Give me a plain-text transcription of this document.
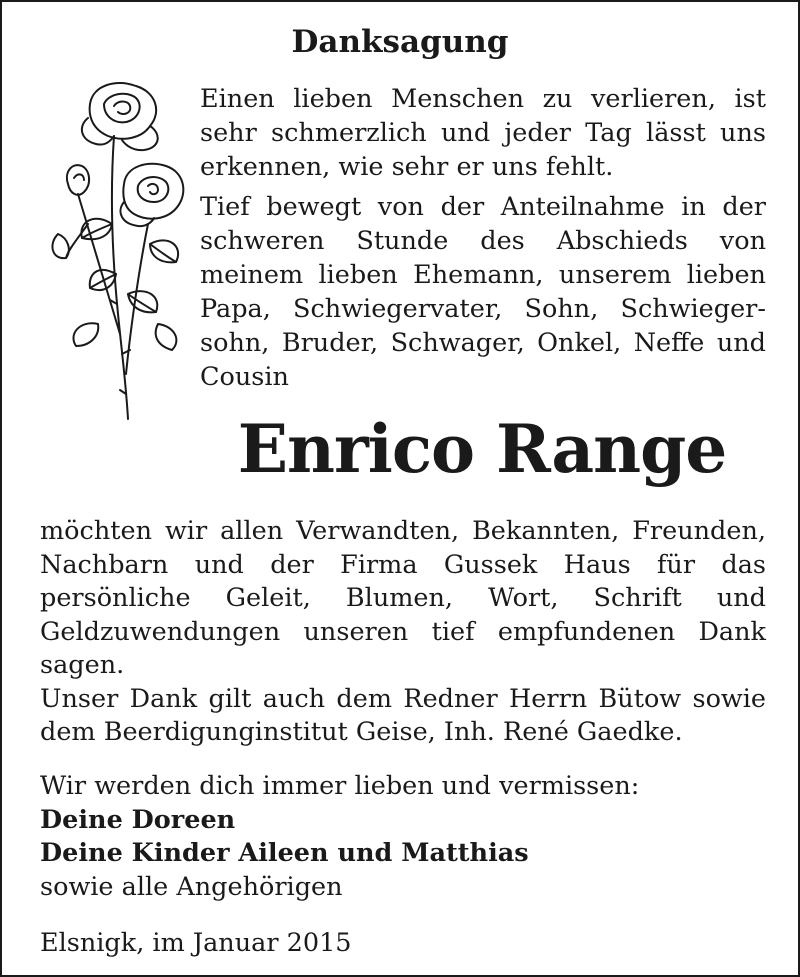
Danksagung

Einen lieben Menschen zu verlieren, ist sehr schmerzlich und jeder Tag lässt uns erkennen, wie sehr er uns fehlt.

Tief bewegt von der Anteilnahme in der schweren Stunde des Abschieds von meinem lieben Ehemann, unserem lieben Papa, Schwiegervater, Sohn, Schwieger-sohn, Bruder, Schwager, Onkel, Neffe und Cousin

Enrico Range

möchten wir allen Verwandten, Bekannten, Freunden, Nachbarn und der Firma Gussek Haus für das persönliche Geleit, Blumen, Wort, Schrift und Geldzuwendungen unseren tief empfundenen Dank sagen.

Unser Dank gilt auch dem Redner Herrn Bütow sowie dem Beerdigunginstitut Geise, Inh. René Gaedke.

Wir werden dich immer lieben und vermissen:
Deine Doreen
Deine Kinder Aileen und Matthias
sowie alle Angehörigen
Elsnigk, im Januar 2015
